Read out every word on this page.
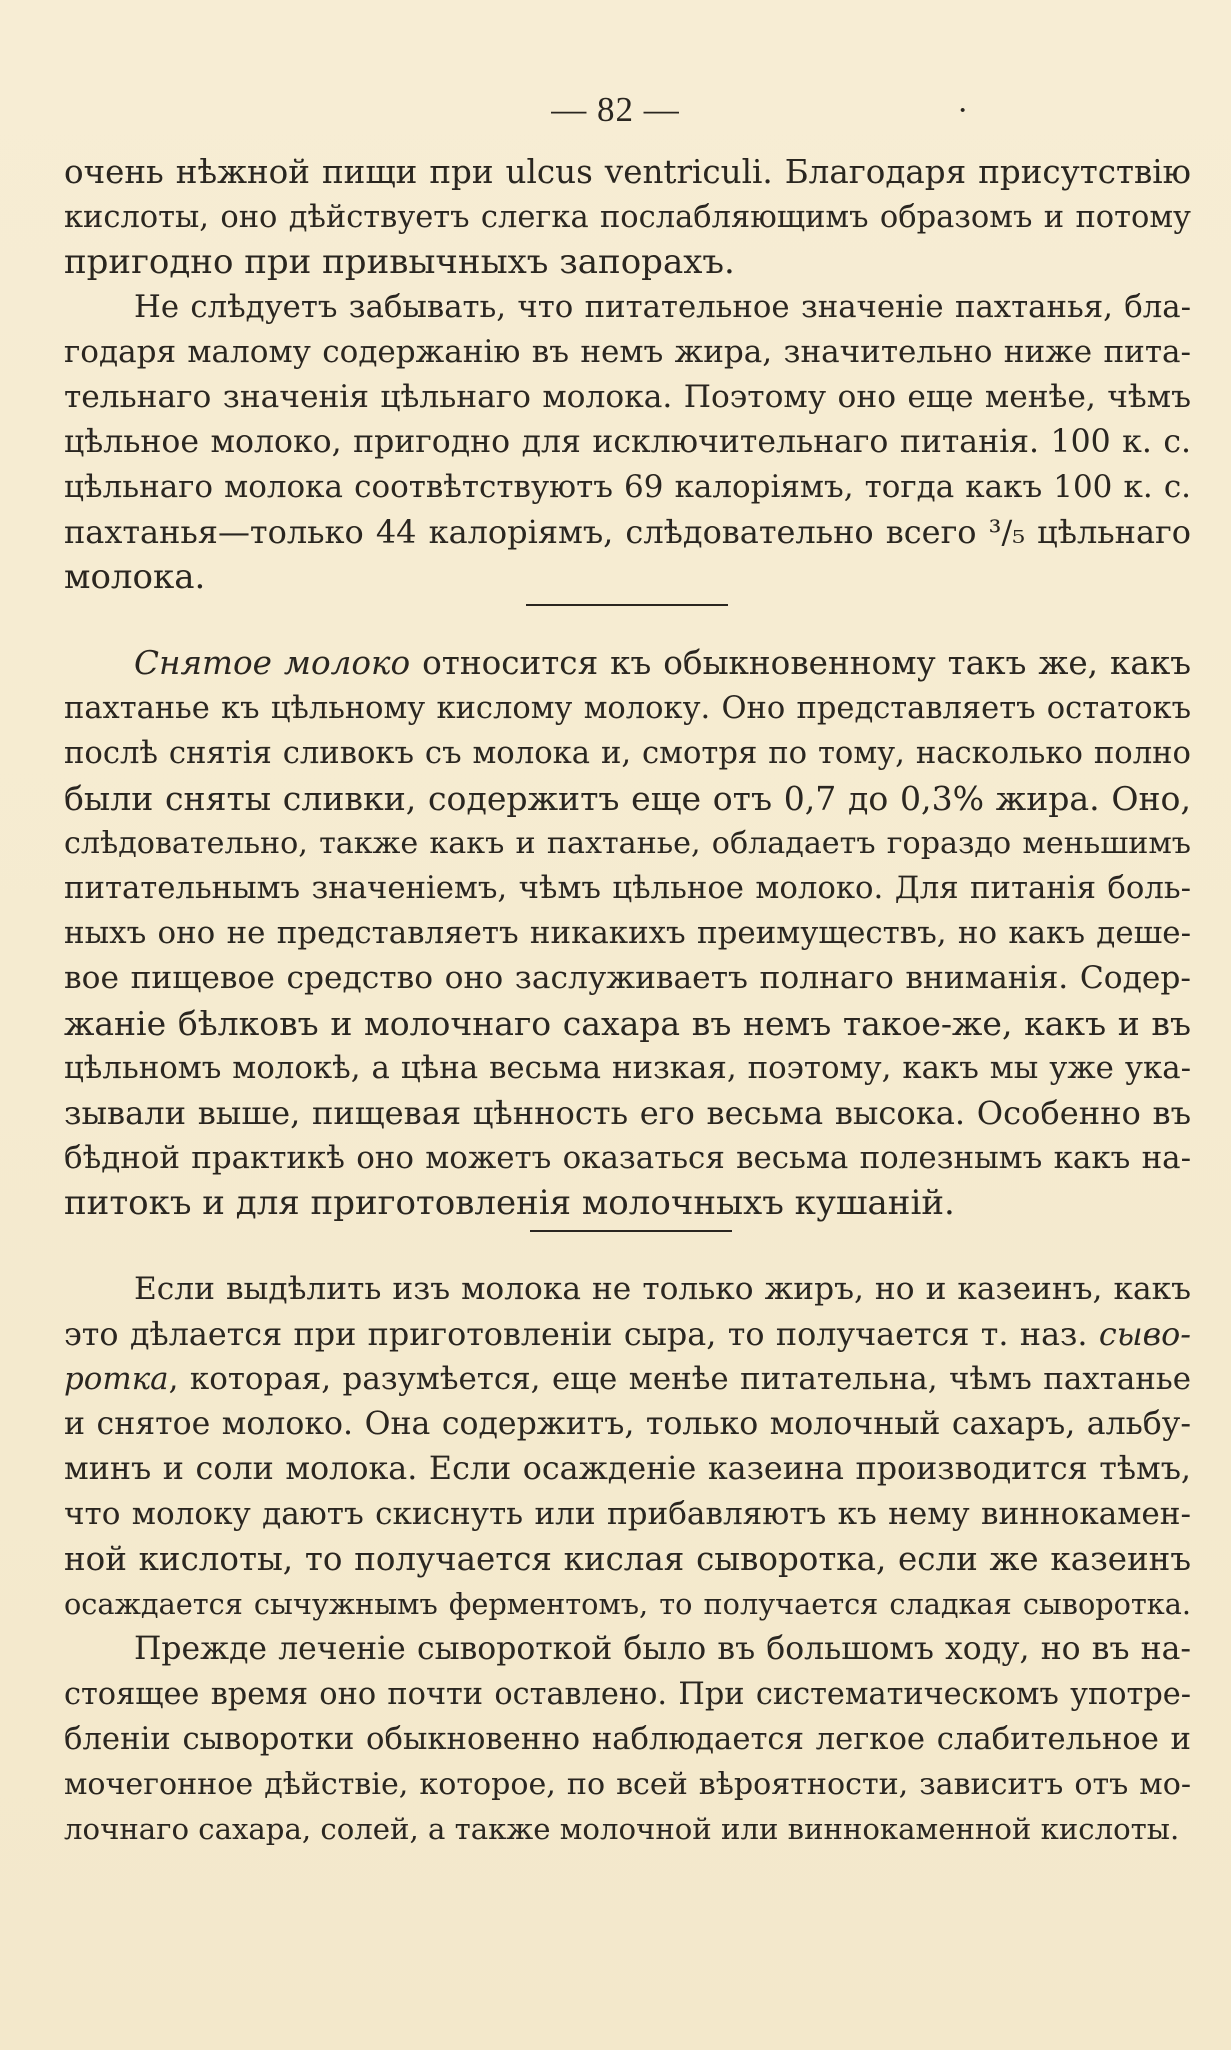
— 82 —	·
очень нѣжной пищи при ulcus ventriculi. Благодаря присутствію
кислоты, оно дѣйствуетъ слегка послабляющимъ образомъ и потому
пригодно при привычныхъ запорахъ.
Не слѣдуетъ забывать, что питательное значеніе пахтанья, бла-
годаря малому содержанію въ немъ жира, значительно ниже пита-
тельнаго значенія цѣльнаго молока. Поэтому оно еще менѣе, чѣмъ
цѣльное молоко, пригодно для исключительнаго питанія. 100 к. с.
цѣльнаго молока соотвѣтствуютъ 69 калоріямъ, тогда какъ 100 к. с.
пахтанья—только 44 калоріямъ, слѣдовательно всего ³/₅ цѣльнаго
молока.
Снятое молоко относится къ обыкновенному такъ же, какъ
пахтанье къ цѣльному кислому молоку. Оно представляетъ остатокъ
послѣ снятія сливокъ съ молока и, смотря по тому, насколько полно
были сняты сливки, содержитъ еще отъ 0,7 до 0,3% жира. Оно,
слѣдовательно, также какъ и пахтанье, обладаетъ гораздо меньшимъ
питательнымъ значеніемъ, чѣмъ цѣльное молоко. Для питанія боль-
ныхъ оно не представляетъ никакихъ преимуществъ, но какъ деше-
вое пищевое средство оно заслуживаетъ полнаго вниманія. Содер-
жаніе бѣлковъ и молочнаго сахара въ немъ такое-же, какъ и въ
цѣльномъ молокѣ, а цѣна весьма низкая, поэтому, какъ мы уже ука-
зывали выше, пищевая цѣнность его весьма высока. Особенно въ
бѣдной практикѣ оно можетъ оказаться весьма полезнымъ какъ на-
питокъ и для приготовленія молочныхъ кушаній.
Если выдѣлить изъ молока не только жиръ, но и казеинъ, какъ
это дѣлается при приготовленіи сыра, то получается т. наз. сыво-
ротка, которая, разумѣется, еще менѣе питательна, чѣмъ пахтанье
и снятое молоко. Она содержитъ, только молочный сахаръ, альбу-
минъ и соли молока. Если осажденіе казеина производится тѣмъ,
что молоку даютъ скиснуть или прибавляютъ къ нему виннокамен-
ной кислоты, то получается кислая сыворотка, если же казеинъ
осаждается сычужнымъ ферментомъ, то получается сладкая сыворотка.
Прежде леченіе сывороткой было въ большомъ ходу, но въ на-
стоящее время оно почти оставлено. При систематическомъ употре-
бленіи сыворотки обыкновенно наблюдается легкое слабительное и
мочегонное дѣйствіе, которое, по всей вѣроятности, зависитъ отъ мо-
лочнаго сахара, солей, а также молочной или виннокаменной кислоты.
